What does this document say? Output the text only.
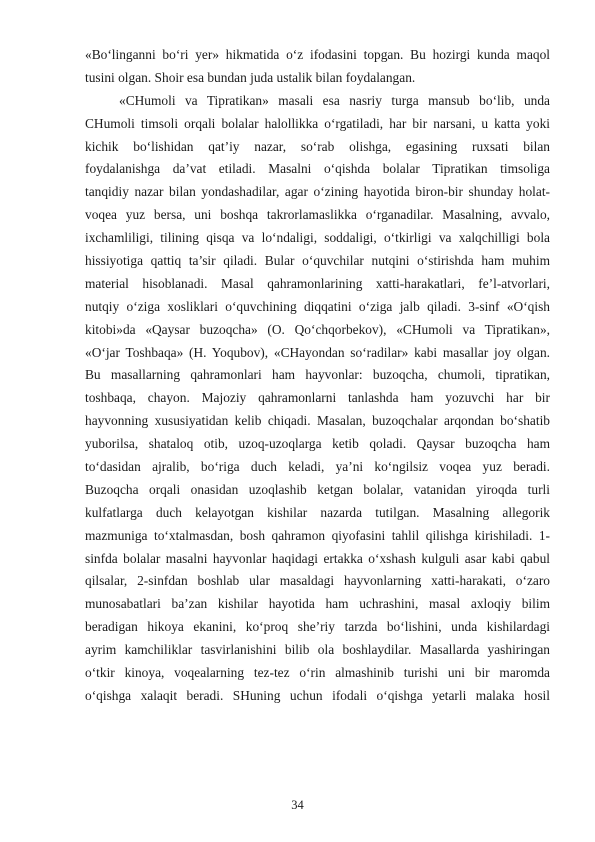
«Bo‘linganni bo‘ri yer» hikmatida o‘z ifodasini topgan. Bu hozirgi kunda maqol
tusini olgan. Shoir esa bundan juda ustalik bilan foydalangan.
«CHumoli va Tipratikan» masali esa nasriy turga mansub bo‘lib, unda
CHumoli timsoli orqali bolalar halollikka o‘rgatiladi, har bir narsani, u katta yoki
kichik bo‘lishidan qat’iy nazar, so‘rab olishga, egasining ruxsati bilan
foydalanishga da’vat etiladi. Masalni o‘qishda bolalar Tipratikan timsoliga
tanqidiy nazar bilan yondashadilar, agar o‘zining hayotida biron-bir shunday holat-
voqea yuz bersa, uni boshqa takrorlamaslikka o‘rganadilar. Masalning, avvalo,
ixchamliligi, tilining qisqa va lo‘ndaligi, soddaligi, o‘tkirligi va xalqchilligi bola
hissiyotiga qattiq ta’sir qiladi. Bular o‘quvchilar nutqini o‘stirishda ham muhim
material hisoblanadi. Masal qahramonlarining xatti-harakatlari, fe’l-atvorlari,
nutqiy o‘ziga xosliklari o‘quvchining diqqatini o‘ziga jalb qiladi. 3-sinf «O‘qish
kitobi»da «Qaysar buzoqcha» (O. Qo‘chqorbekov), «CHumoli va Tipratikan»,
«O‘jar Toshbaqa» (H. Yoqubov), «CHayondan so‘radilar» kabi masallar joy olgan.
Bu masallarning qahramonlari ham hayvonlar: buzoqcha, chumoli, tipratikan,
toshbaqa, chayon. Majoziy qahramonlarni tanlashda ham yozuvchi har bir
hayvonning xususiyatidan kelib chiqadi. Masalan, buzoqchalar arqondan bo‘shatib
yuborilsa, shataloq otib, uzoq-uzoqlarga ketib qoladi. Qaysar buzoqcha ham
to‘dasidan ajralib, bo‘riga duch keladi, ya’ni ko‘ngilsiz voqea yuz beradi.
Buzoqcha orqali onasidan uzoqlashib ketgan bolalar, vatanidan yiroqda turli
kulfatlarga duch kelayotgan kishilar nazarda tutilgan. Masalning allegorik
mazmuniga to‘xtalmasdan, bosh qahramon qiyofasini tahlil qilishga kirishiladi. 1-
sinfda bolalar masalni hayvonlar haqidagi ertakka o‘xshash kulguli asar kabi qabul
qilsalar, 2-sinfdan boshlab ular masaldagi hayvonlarning xatti-harakati, o‘zaro
munosabatlari ba’zan kishilar hayotida ham uchrashini, masal axloqiy bilim
beradigan hikoya ekanini, ko‘proq she’riy tarzda bo‘lishini, unda kishilardagi
ayrim kamchiliklar tasvirlanishini bilib ola boshlaydilar. Masallarda yashiringan
o‘tkir kinoya, voqealarning tez-tez o‘rin almashinib turishi uni bir maromda
o‘qishga xalaqit beradi. SHuning uchun ifodali o‘qishga yetarli malaka hosil
34
